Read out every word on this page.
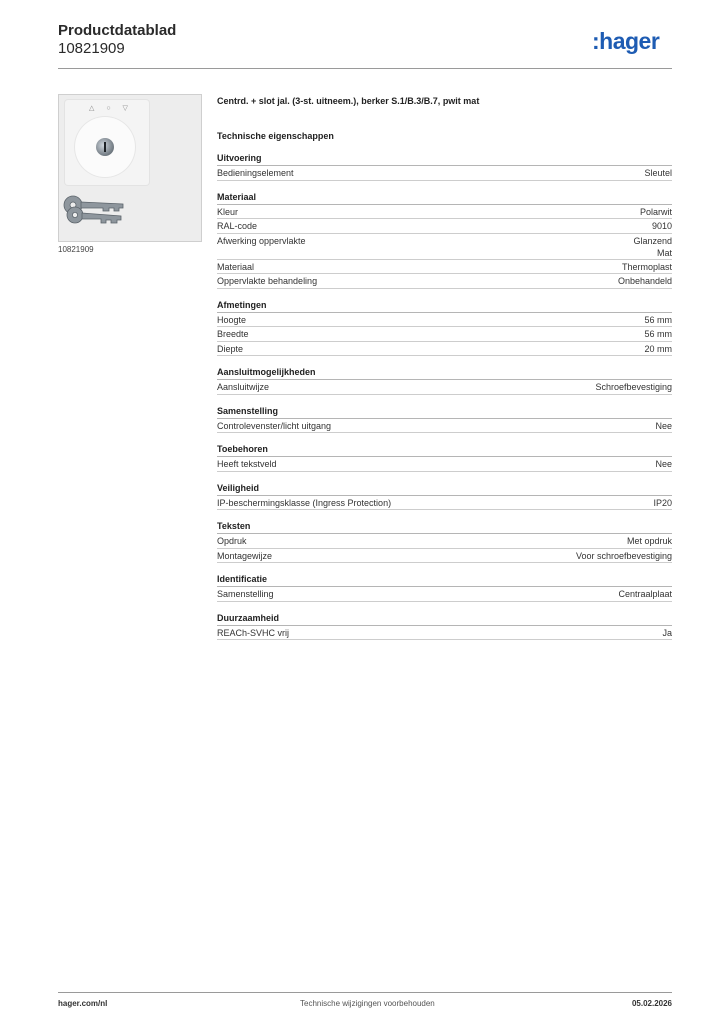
Productdatablad
10821909	:hager
△ ○ ▽
10821909
Centrd. + slot jal. (3-st. uitneem.), berker S.1/B.3/B.7, pwit mat
Technische eigenschappen
Uitvoering
Bedieningselement	Sleutel
Materiaal
Kleur	Polarwit
RAL-code	9010
Afwerking oppervlakte	Glanzend
Mat
Materiaal	Thermoplast
Oppervlakte behandeling	Onbehandeld
Afmetingen
Hoogte	56 mm
Breedte	56 mm
Diepte	20 mm
Aansluitmogelijkheden
Aansluitwijze	Schroefbevestiging
Samenstelling
Controlevenster/licht uitgang	Nee
Toebehoren
Heeft tekstveld	Nee
Veiligheid
IP-beschermingsklasse (Ingress Protection)	IP20
Teksten
Opdruk	Met opdruk
Montagewijze	Voor schroefbevestiging
Identificatie
Samenstelling	Centraalplaat
Duurzaamheid
REACh-SVHC vrij	Ja
hager.com/nl	Technische wijzigingen voorbehouden	05.02.2026
